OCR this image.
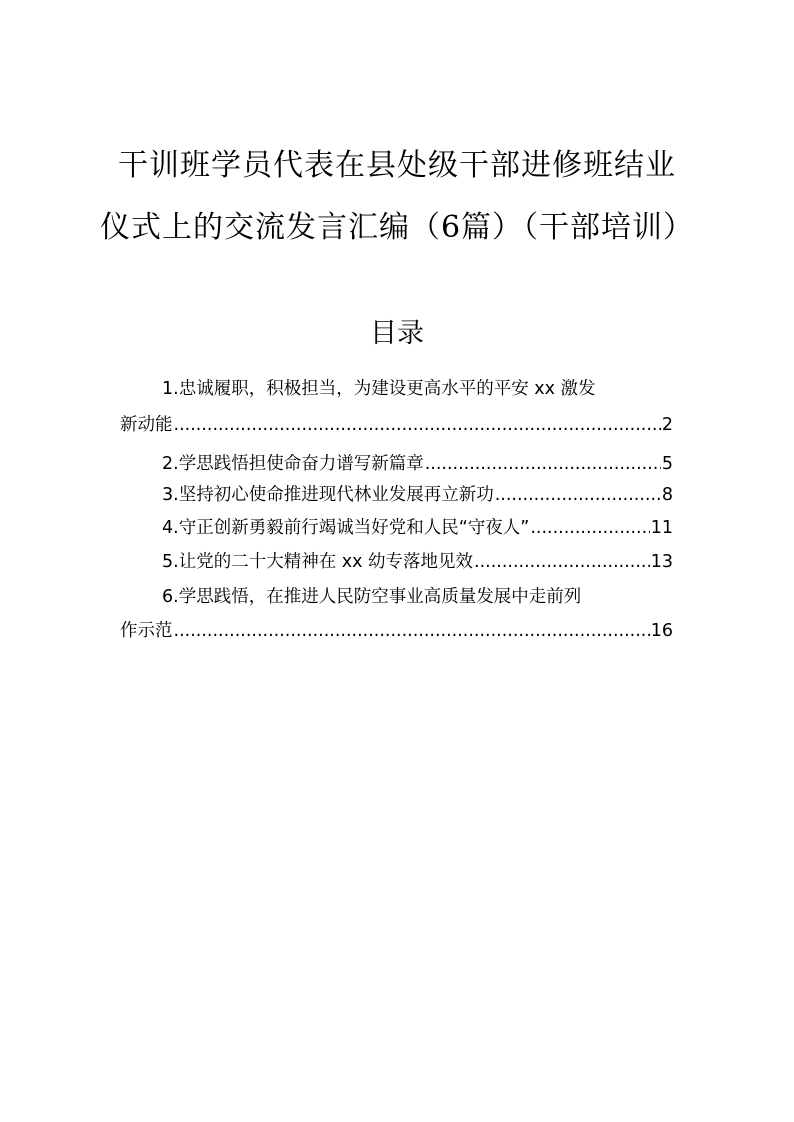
干训班学员代表在县处级干部进修班结业
仪式上的交流发言汇编（6篇）（干部培训）
目录
1.忠诚履职，积极担当，为建设更高水平的平安 xx 激发
新动能 .....	2
2.学思践悟担使命奋力谱写新篇章 .....	5
3.坚持初心使命推进现代林业发展再立新功 .....	8
4.守正创新勇毅前行竭诚当好党和人民“守夜人” .....	11
5.让党的二十大精神在 xx 幼专落地见效 .....	13
6.学思践悟，在推进人民防空事业高质量发展中走前列
作示范 .....	16
